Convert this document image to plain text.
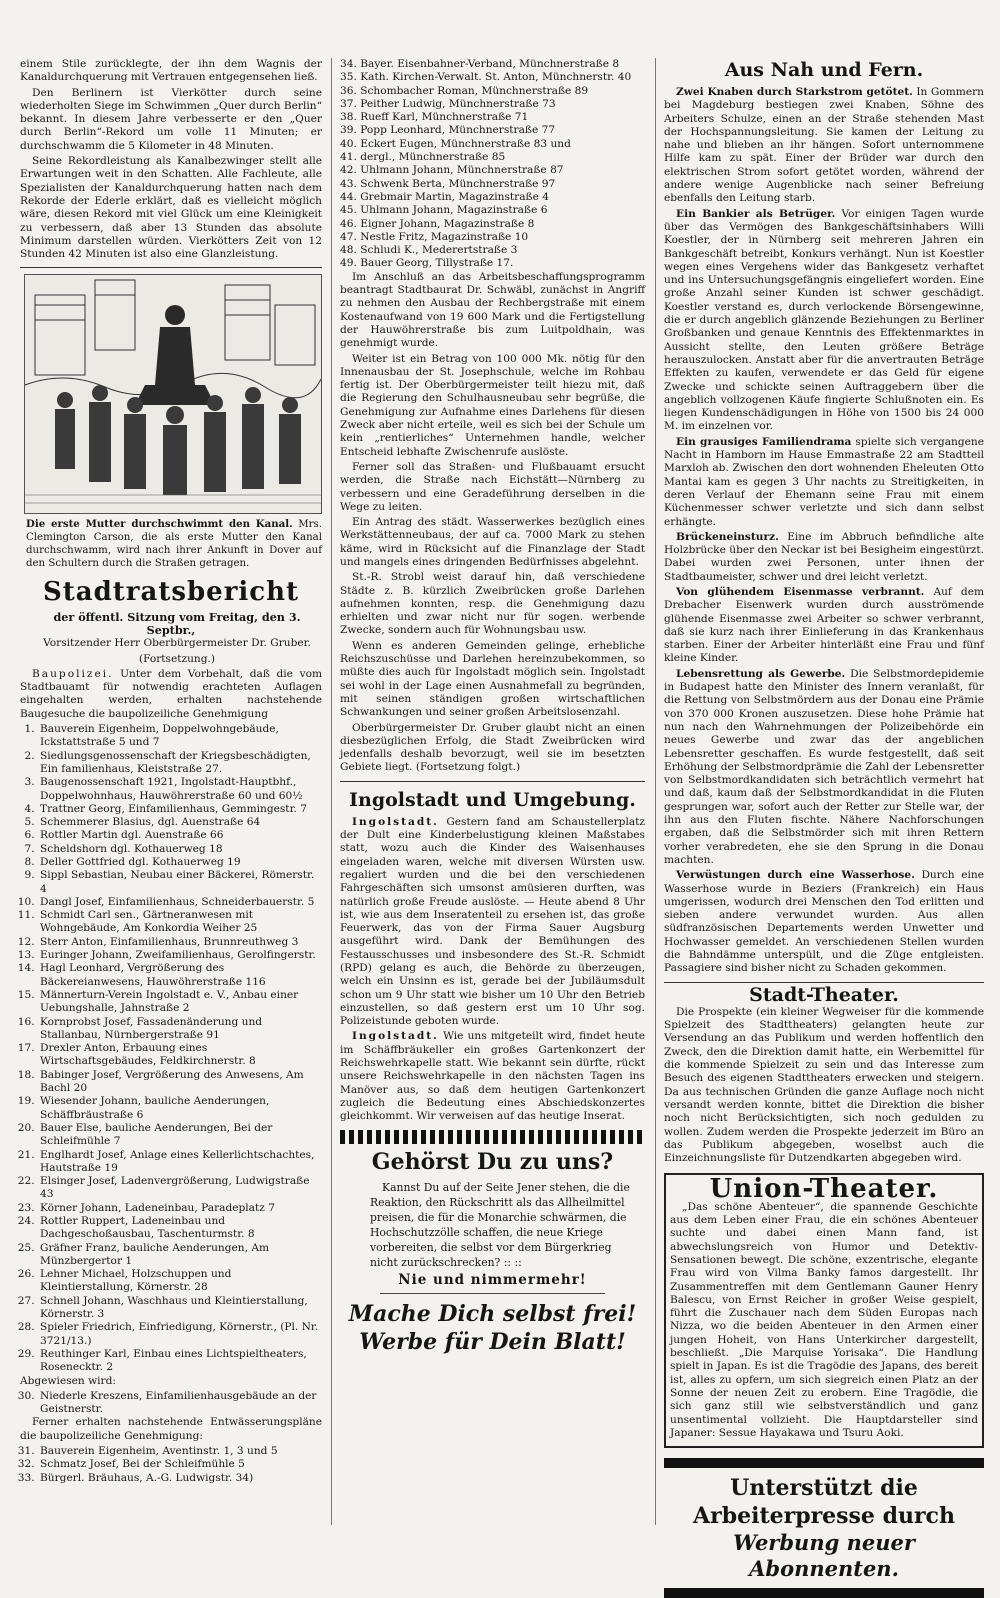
einem Stile zurücklegte, der ihn dem Wagnis der Kanaldurchquerung mit Vertrauen entgegensehen ließ.

Den Berlinern ist Vierkötter durch seine wiederholten Siege im Schwimmen „Quer durch Berlin“ bekannt. In diesem Jahre verbesserte er den „Quer durch Berlin“-Rekord um volle 11 Minuten; er durchschwamm die 5 Kilometer in 48 Minuten.

Seine Rekordleistung als Kanalbezwinger stellt alle Erwartungen weit in den Schatten. Alle Fachleute, alle Spezialisten der Kanaldurchquerung hatten nach dem Rekorde der Ederle erklärt, daß es vielleicht möglich wäre, diesen Rekord mit viel Glück um eine Kleinigkeit zu verbessern, daß aber 13 Stunden das absolute Minimum darstellen würden. Vierkötters Zeit von 12 Stunden 42 Minuten ist also eine Glanzleistung.

Die erste Mutter durchschwimmt den Kanal. Mrs. Clemington Carson, die als erste Mutter den Kanal durchschwamm, wird nach ihrer Ankunft in Dover auf den Schultern durch die Straßen getragen.
Stadtratsbericht

der öffentl. Sitzung vom Freitag, den 3. Septbr.,

Vorsitzender Herr Oberbürgermeister Dr. Gruber.

(Fortsetzung.)

Baupolizei. Unter dem Vorbehalt, daß die vom Stadtbauamt für notwendig erachteten Auflagen eingehalten werden, erhalten nachstehende Baugesuche die baupolizeiliche Genehmigung

1. Bauverein Eigenheim, Doppelwohngebäude, Ickstattstraße 5 und 7
2. Siedlungsgenossenschaft der Kriegsbeschädigten, Ein familienhaus, Kleiststraße 27.
3. Baugenossenschaft 1921, Ingolstadt-Hauptbhf., Doppelwohnhaus, Hauwöhrerstraße 60 und 60½
4. Trattner Georg, Einfamilienhaus, Gemmingestr. 7
5. Schemmerer Blasius, dgl. Auenstraße 64
6. Rottler Martin dgl. Auenstraße 66
7. Scheldshorn dgl. Kothauerweg 18
8. Deller Gottfried dgl. Kothauerweg 19
9. Sippl Sebastian, Neubau einer Bäckerei, Römerstr. 4
10. Dangl Josef, Einfamilienhaus, Schneiderbauerstr. 5
11. Schmidt Carl sen., Gärtneranwesen mit Wohngebäude, Am Konkordia Weiher 25
12. Sterr Anton, Einfamilienhaus, Brunnreuthweg 3
13. Euringer Johann, Zweifamilienhaus, Gerolfingerstr.
14. Hagl Leonhard, Vergrößerung des Bäckereianwesens, Hauwöhrerstraße 116
15. Männerturn-Verein Ingolstadt e. V., Anbau einer Uebungshalle, Jahnstraße 2
16. Kornprobst Josef, Fassadenänderung und Stallanbau, Nürnbergerstraße 91
17. Drexler Anton, Erbauung eines Wirtschaftsgebäudes, Feldkirchnerstr. 8
18. Babinger Josef, Vergrößerung des Anwesens, Am Bachl 20
19. Wiesender Johann, bauliche Aenderungen, Schäffbräustraße 6
20. Bauer Else, bauliche Aenderungen, Bei der Schleifmühle 7
21. Englhardt Josef, Anlage eines Kellerlichtschachtes, Hautstraße 19
22. Elsinger Josef, Ladenvergrößerung, Ludwigstraße 43
23. Körner Johann, Ladeneinbau, Paradeplatz 7
24. Rottler Ruppert, Ladeneinbau und Dachgeschoßausbau, Taschenturmstr. 8
25. Gräfner Franz, bauliche Aenderungen, Am Münzbergertor 1
26. Lehner Michael, Holzschuppen und Kleintierstallung, Körnerstr. 28
27. Schnell Johann, Waschhaus und Kleintierstallung, Körnerstr. 3
28. Spieler Friedrich, Einfriedigung, Körnerstr., (Pl. Nr. 3721/13.)
29. Reuthinger Karl, Einbau eines Lichtspieltheaters, Rosenecktr. 2

Abgewiesen wird:

30. Niederle Kreszens, Einfamilienhausgebäude an der Geistnerstr.

Ferner erhalten nachstehende Entwässerungspläne die baupolizeiliche Genehmigung:

31. Bauverein Eigenheim, Aventinstr. 1, 3 und 5
32. Schmatz Josef, Bei der Schleifmühle 5
33. Bürgerl. Bräuhaus, A.-G. Ludwigstr. 34)
34. Bayer. Eisenbahner-Verband, Münchnerstraße 8
35. Kath. Kirchen-Verwalt. St. Anton, Münchnerstr. 40
36. Schombacher Roman, Münchnerstraße 89
37. Peither Ludwig, Münchnerstraße 73
38. Rueff Karl, Münchnerstraße 71
39. Popp Leonhard, Münchnerstraße 77
40. Eckert Eugen, Münchnerstraße 83 und
41. dergl., Münchnerstraße 85
42. Uhlmann Johann, Münchnerstraße 87
43. Schwenk Berta, Münchnerstraße 97
44. Grebmair Martin, Magazinstraße 4
45. Uhlmann Johann, Magazinstraße 6
46. Eigner Johann, Magazinstraße 8
47. Nestle Fritz, Magazinstraße 10
48. Schludi K., Mederertstraße 3
49. Bauer Georg, Tillystraße 17.

Im Anschluß an das Arbeitsbeschaffungsprogramm beantragt Stadtbaurat Dr. Schwäbl, zunächst in Angriff zu nehmen den Ausbau der Rechbergstraße mit einem Kostenaufwand von 19 600 Mark und die Fertigstellung der Hauwöhrerstraße bis zum Luitpoldhain, was genehmigt wurde.

Weiter ist ein Betrag von 100 000 Mk. nötig für den Innenausbau der St. Josephschule, welche im Rohbau fertig ist. Der Oberbürgermeister teilt hiezu mit, daß die Regierung den Schulhausneubau sehr begrüße, die Genehmigung zur Aufnahme eines Darlehens für diesen Zweck aber nicht erteile, weil es sich bei der Schule um kein „rentierliches“ Unternehmen handle, welcher Entscheid lebhafte Zwischenrufe auslöste.

Ferner soll das Straßen- und Flußbauamt ersucht werden, die Straße nach Eichstätt—Nürnberg zu verbessern und eine Geradeführung derselben in die Wege zu leiten.

Ein Antrag des städt. Wasserwerkes bezüglich eines Werkstättenneubaus, der auf ca. 7000 Mark zu stehen käme, wird in Rücksicht auf die Finanzlage der Stadt und mangels eines dringenden Bedürfnisses abgelehnt.

St.-R. Strobl weist darauf hin, daß verschiedene Städte z. B. kürzlich Zweibrücken große Darlehen aufnehmen konnten, resp. die Genehmigung dazu erhielten und zwar nicht nur für sogen. werbende Zwecke, sondern auch für Wohnungsbau usw.

Wenn es anderen Gemeinden gelinge, erhebliche Reichszuschüsse und Darlehen hereinzubekommen, so müßte dies auch für Ingolstadt möglich sein. Ingolstadt sei wohl in der Lage einen Ausnahmefall zu begründen, mit seinen ständigen großen wirtschaftlichen Schwankungen und seiner großen Arbeitslosenzahl.

Oberbürgermeister Dr. Gruber glaubt nicht an einen diesbezüglichen Erfolg, die Stadt Zweibrücken wird jedenfalls deshalb bevorzugt, weil sie im besetzten Gebiete liegt. (Fortsetzung folgt.)

Ingolstadt und Umgebung.

Ingolstadt. Gestern fand am Schaustellerplatz der Dult eine Kinderbelustigung kleinen Maßstabes statt, wozu auch die Kinder des Waisenhauses eingeladen waren, welche mit diversen Würsten usw. regaliert wurden und die bei den verschiedenen Fahrgeschäften sich umsonst amüsieren durften, was natürlich große Freude auslöste. — Heute abend 8 Uhr ist, wie aus dem Inseratenteil zu ersehen ist, das große Feuerwerk, das von der Firma Sauer Augsburg ausgeführt wird. Dank der Bemühungen des Festausschusses und insbesondere des St.-R. Schmidt (RPD) gelang es auch, die Behörde zu überzeugen, welch ein Unsinn es ist, gerade bei der Jubiläumsdult schon um 9 Uhr statt wie bisher um 10 Uhr den Betrieb einzustellen, so daß gestern erst um 10 Uhr sog. Polizeistunde geboten wurde.

Ingolstadt. Wie uns mitgeteilt wird, findet heute im Schäffbräukeller ein großes Gartenkonzert der Reichswehrkapelle statt. Wie bekannt sein dürfte, rückt unsere Reichswehrkapelle in den nächsten Tagen ins Manöver aus, so daß dem heutigen Gartenkonzert zugleich die Bedeutung eines Abschiedskonzertes gleichkommt. Wir verweisen auf das heutige Inserat.

Gehörst Du zu uns?

Kannst Du auf der Seite Jener stehen, die die Reaktion, den Rückschritt als das Allheilmittel preisen, die für die Monarchie schwärmen, die Hochschutzzölle schaffen, die neue Kriege vorbereiten, die selbst vor dem Bürgerkrieg nicht zurückschrecken? :: ::

Nie und nimmermehr!
Mache Dich selbst frei!
Werbe für Dein Blatt!
Aus Nah und Fern.

Zwei Knaben durch Starkstrom getötet. In Gommern bei Magdeburg bestiegen zwei Knaben, Söhne des Arbeiters Schulze, einen an der Straße stehenden Mast der Hochspannungsleitung. Sie kamen der Leitung zu nahe und blieben an ihr hängen. Sofort unternommene Hilfe kam zu spät. Einer der Brüder war durch den elektrischen Strom sofort getötet worden, während der andere wenige Augenblicke nach seiner Befreiung ebenfalls den Leitung starb.

Ein Bankier als Betrüger. Vor einigen Tagen wurde über das Vermögen des Bankgeschäftsinhabers Willi Koestler, der in Nürnberg seit mehreren Jahren ein Bankgeschäft betreibt, Konkurs verhängt. Nun ist Koestler wegen eines Vergehens wider das Bankgesetz verhaftet und ins Untersuchungsgefängnis eingeliefert worden. Eine große Anzahl seiner Kunden ist schwer geschädigt. Koestler verstand es, durch verlockende Börsengewinne, die er durch angeblich glänzende Beziehungen zu Berliner Großbanken und genaue Kenntnis des Effektenmarktes in Aussicht stellte, den Leuten größere Beträge herauszulocken. Anstatt aber für die anvertrauten Beträge Effekten zu kaufen, verwendete er das Geld für eigene Zwecke und schickte seinen Auftraggebern über die angeblich vollzogenen Käufe fingierte Schlußnoten ein. Es liegen Kundenschädigungen in Höhe von 1500 bis 24 000 M. im einzelnen vor.

Ein grausiges Familiendrama spielte sich vergangene Nacht in Hamborn im Hause Emmastraße 22 am Stadtteil Marxloh ab. Zwischen den dort wohnenden Eheleuten Otto Mantai kam es gegen 3 Uhr nachts zu Streitigkeiten, in deren Verlauf der Ehemann seine Frau mit einem Küchenmesser schwer verletzte und sich dann selbst erhängte.

Brückeneinsturz. Eine im Abbruch befindliche alte Holzbrücke über den Neckar ist bei Besigheim eingestürzt. Dabei wurden zwei Personen, unter ihnen der Stadtbaumeister, schwer und drei leicht verletzt.

Von glühendem Eisenmasse verbrannt. Auf dem Drebacher Eisenwerk wurden durch ausströmende glühende Eisenmasse zwei Arbeiter so schwer verbrannt, daß sie kurz nach ihrer Einlieferung in das Krankenhaus starben. Einer der Arbeiter hinterläßt eine Frau und fünf kleine Kinder.

Lebensrettung als Gewerbe. Die Selbstmordepidemie in Budapest hatte den Minister des Innern veranlaßt, für die Rettung von Selbstmördern aus der Donau eine Prämie von 370 000 Kronen auszusetzen. Diese hohe Prämie hat nun nach den Wahrnehmungen der Polizeibehörde ein neues Gewerbe und zwar das der angeblichen Lebensretter geschaffen. Es wurde festgestellt, daß seit Erhöhung der Selbstmordprämie die Zahl der Lebensretter von Selbstmordkandidaten sich beträchtlich vermehrt hat und daß, kaum daß der Selbstmordkandidat in die Fluten gesprungen war, sofort auch der Retter zur Stelle war, der ihn aus den Fluten fischte. Nähere Nachforschungen ergaben, daß die Selbstmörder sich mit ihren Rettern vorher verabredeten, ehe sie den Sprung in die Donau machten.

Verwüstungen durch eine Wasserhose. Durch eine Wasserhose wurde in Beziers (Frankreich) ein Haus umgerissen, wodurch drei Menschen den Tod erlitten und sieben andere verwundet wurden. Aus allen südfranzösischen Departements werden Unwetter und Hochwasser gemeldet. An verschiedenen Stellen wurden die Bahndämme unterspült, und die Züge entgleisten. Passagiere sind bisher nicht zu Schaden gekommen.

Stadt-Theater.

Die Prospekte (ein kleiner Wegweiser für die kommende Spielzeit des Stadttheaters) gelangten heute zur Versendung an das Publikum und werden hoffentlich den Zweck, den die Direktion damit hatte, ein Werbemittel für die kommende Spielzeit zu sein und das Interesse zum Besuch des eigenen Stadttheaters erwecken und steigern. Da aus technischen Gründen die ganze Auflage noch nicht versandt werden konnte, bittet die Direktion die bisher noch nicht Berücksichtigten, sich noch gedulden zu wollen. Zudem werden die Prospekte jederzeit im Büro an das Publikum abgegeben, woselbst auch die Einzeichnungsliste für Dutzendkarten abgegeben wird.

Union-Theater.

„Das schöne Abenteuer“, die spannende Geschichte aus dem Leben einer Frau, die ein schönes Abenteuer suchte und dabei einen Mann fand, ist abwechslungsreich von Humor und Detektiv-Sensationen bewegt. Die schöne, exzentrische, elegante Frau wird von Vilma Banky famos dargestellt. Ihr Zusammentreffen mit dem Gentlemann Gauner Henry Balescu, von Ernst Reicher in großer Weise gespielt, führt die Zuschauer nach dem Süden Europas nach Nizza, wo die beiden Abenteuer in den Armen einer jungen Hoheit, von Hans Unterkircher dargestellt, beschließt. „Die Marquise Yorisaka“. Die Handlung spielt in Japan. Es ist die Tragödie des Japans, des bereit ist, alles zu opfern, um sich siegreich einen Platz an der Sonne der neuen Zeit zu erobern. Eine Tragödie, die sich ganz still wie selbstverständlich und ganz unsentimental vollzieht. Die Hauptdarsteller sind Japaner: Sessue Hayakawa und Tsuru Aoki.

Unterstützt die Arbeiterpresse durch
Werbung neuer Abonnenten.
